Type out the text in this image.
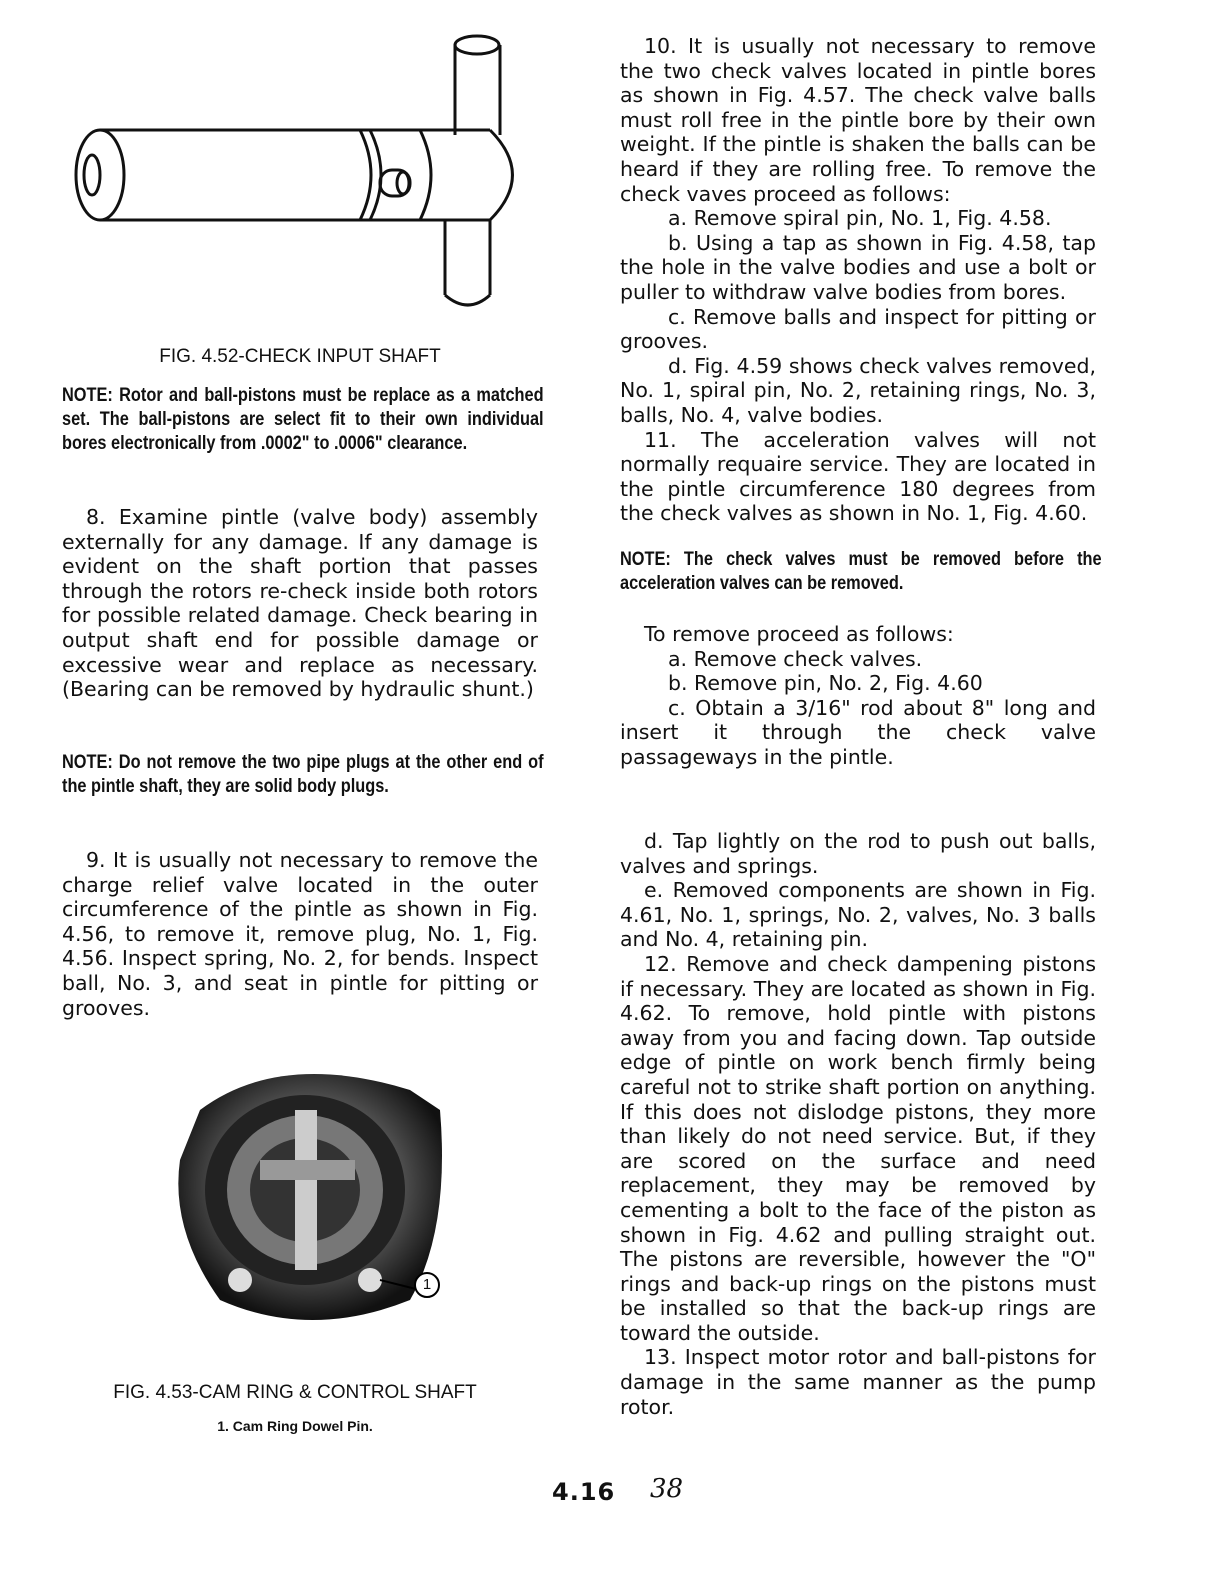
FIG. 4.52-CHECK INPUT SHAFT
NOTE: Rotor and ball-pistons must be replace as a matched set. The ball-pistons are select fit to their own individual bores electronically from .0002" to .0006" clearance.

8. Examine pintle (valve body) assembly externally for any damage. If any damage is evident on the shaft portion that passes through the rotors re-check inside both rotors for possible related damage. Check bearing in output shaft end for possible damage or excessive wear and replace as necessary. (Bearing can be removed by hydraulic shunt.)

NOTE: Do not remove the two pipe plugs at the other end of the pintle shaft, they are solid body plugs.

9. It is usually not necessary to remove the charge relief valve located in the outer circumference of the pintle as shown in Fig. 4.56, to remove it, remove plug, No. 1, Fig. 4.56. Inspect spring, No. 2, for bends. Inspect ball, No. 3, and seat in pintle for pitting or grooves.

1
FIG. 4.53-CAM RING & CONTROL SHAFT
1. Cam Ring Dowel Pin.

10. It is usually not necessary to remove the two check valves located in pintle bores as shown in Fig. 4.57. The check valve balls must roll free in the pintle bore by their own weight. If the pintle is shaken the balls can be heard if they are rolling free. To remove the check vaves proceed as follows:

a. Remove spiral pin, No. 1, Fig. 4.58.

b. Using a tap as shown in Fig. 4.58, tap the hole in the valve bodies and use a bolt or puller to withdraw valve bodies from bores.

c. Remove balls and inspect for pitting or grooves.

d. Fig. 4.59 shows check valves removed, No. 1, spiral pin, No. 2, retaining rings, No. 3, balls, No. 4, valve bodies.

11. The acceleration valves will not normally requaire service. They are located in the pintle circumference 180 degrees from the check valves as shown in No. 1, Fig. 4.60.

NOTE: The check valves must be removed before the acceleration valves can be removed.

To remove proceed as follows:

a. Remove check valves.

b. Remove pin, No. 2, Fig. 4.60

c. Obtain a 3/16" rod about 8" long and insert it through the check valve passageways in the pintle.

d. Tap lightly on the rod to push out balls, valves and springs.

e. Removed components are shown in Fig. 4.61, No. 1, springs, No. 2, valves, No. 3 balls and No. 4, retaining pin.

12. Remove and check dampening pistons if necessary. They are located as shown in Fig. 4.62. To remove, hold pintle with pistons away from you and facing down. Tap outside edge of pintle on work bench firmly being careful not to strike shaft portion on anything. If this does not dislodge pistons, they more than likely do not need service. But, if they are scored on the surface and need replacement, they may be removed by cementing a bolt to the face of the piston as shown in Fig. 4.62 and pulling straight out. The pistons are reversible, however the "O" rings and back-up rings on the pistons must be installed so that the back-up rings are toward the outside.

13. Inspect motor rotor and ball-pistons for damage in the same manner as the pump rotor.

4.16 38
